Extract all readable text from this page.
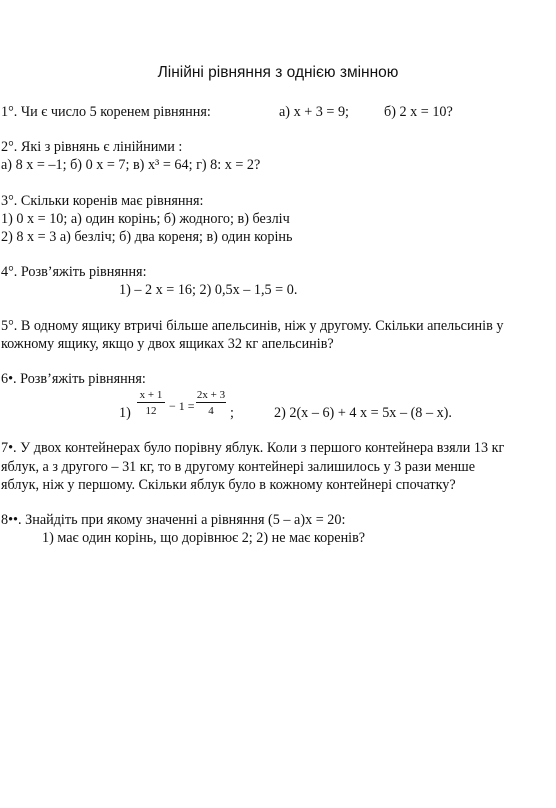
Лінійні рівняння з однією змінною
1°. Чи є число 5 коренем рівняння:	а) x + 3 = 9; б) 2 x = 10?
2°. Які з рівнянь є лінійними :
а) 8 x = –1; б) 0 x = 7; в) x³ = 64; г) 8: x = 2?
3°. Скільки коренів має рівняння:
1) 0 x = 10; а) один корінь; б) жодного; в) безліч
2) 8 x = 3 а) безліч; б) два кореня; в) один корінь
4°. Розв’яжіть рівняння:
1) – 2 x = 16; 2) 0,5x – 1,5 = 0.
5°. В одному ящику втричі більше апельсинів, ніж у другому. Скільки апельсинів у
кожному ящику, якщо у двох ящиках 32 кг апельсинів?
6•. Розв’яжіть рівняння:
1)
x + 1
12	− 1 =
2x + 3
4	;	2) 2(x – 6) + 4 x = 5x – (8 – x).
7•. У двох контейнерах було порівну яблук. Коли з першого контейнера взяли 13 кг
яблук, а з другого – 31 кг, то в другому контейнері залишилось у 3 рази менше
яблук, ніж у першому. Скільки яблук було в кожному контейнері спочатку?
8••. Знайдіть при якому значенні а рівняння (5 – а)x = 20:
1) має один корінь, що дорівнює 2; 2) не має коренів?
